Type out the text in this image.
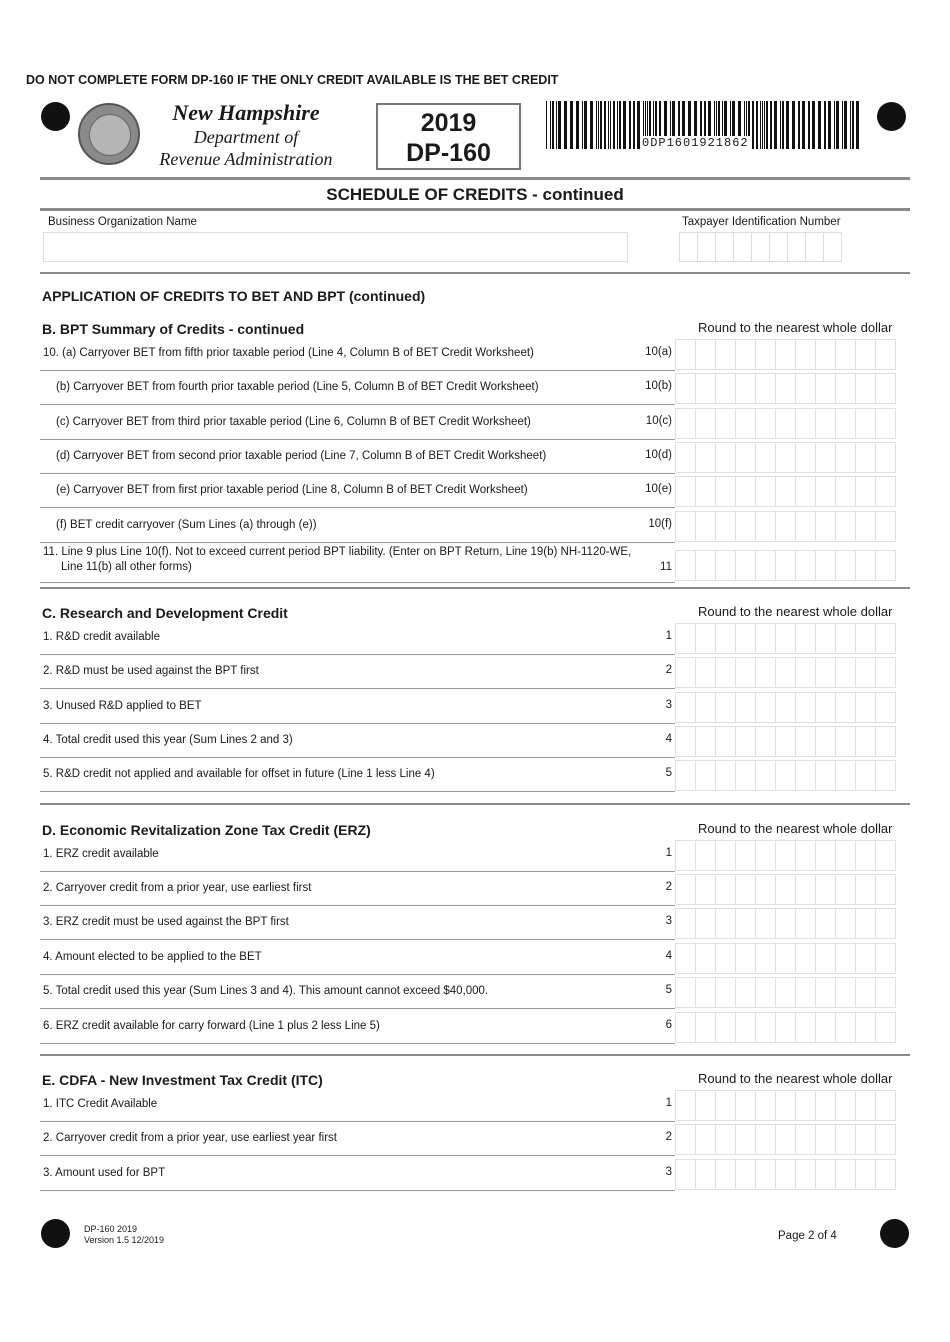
DO NOT COMPLETE FORM DP-160 IF THE ONLY CREDIT AVAILABLE IS THE BET CREDIT
New Hampshire
Department of
Revenue Administration
2019
DP-160	0DP1601921862
SCHEDULE OF CREDITS - continued
Business Organization Name	Taxpayer Identification Number
APPLICATION OF CREDITS TO BET AND BPT (continued)
B. BPT Summary of Credits - continued	Round to the nearest whole dollar
10. (a) Carryover BET from fifth prior taxable period (Line 4, Column B of BET Credit Worksheet)	10(a)
(b) Carryover BET from fourth prior taxable period (Line 5, Column B of BET Credit Worksheet)	10(b)
(c) Carryover BET from third prior taxable period (Line 6, Column B of BET Credit Worksheet)	10(c)
(d) Carryover BET from second prior taxable period (Line 7, Column B of BET Credit Worksheet)	10(d)
(e) Carryover BET from first prior taxable period (Line 8, Column B of BET Credit Worksheet)	10(e)
(f) BET credit carryover (Sum Lines (a) through (e))	10(f)
11. Line 9 plus Line 10(f). Not to exceed current period BPT liability. (Enter on BPT Return, Line 19(b) NH-1120-WE,
Line 11(b) all other forms)	11
C. Research and Development Credit	Round to the nearest whole dollar
1. R&D credit available	1
2. R&D must be used against the BPT first	2
3. Unused R&D applied to BET	3
4. Total credit used this year (Sum Lines 2 and 3)	4
5. R&D credit not applied and available for offset in future (Line 1 less Line 4)	5
D. Economic Revitalization Zone Tax Credit (ERZ)	Round to the nearest whole dollar
1. ERZ credit available	1
2. Carryover credit from a prior year, use earliest first	2
3. ERZ credit must be used against the BPT first	3
4. Amount elected to be applied to the BET	4
5. Total credit used this year (Sum Lines 3 and 4). This amount cannot exceed $40,000.	5
6. ERZ credit available for carry forward (Line 1 plus 2 less Line 5)	6
E. CDFA - New Investment Tax Credit (ITC)	Round to the nearest whole dollar
1. ITC Credit Available	1
2. Carryover credit from a prior year, use earliest year first	2
3. Amount used for BPT	3
DP-160 2019
Version 1.5 12/2019	Page 2 of 4
